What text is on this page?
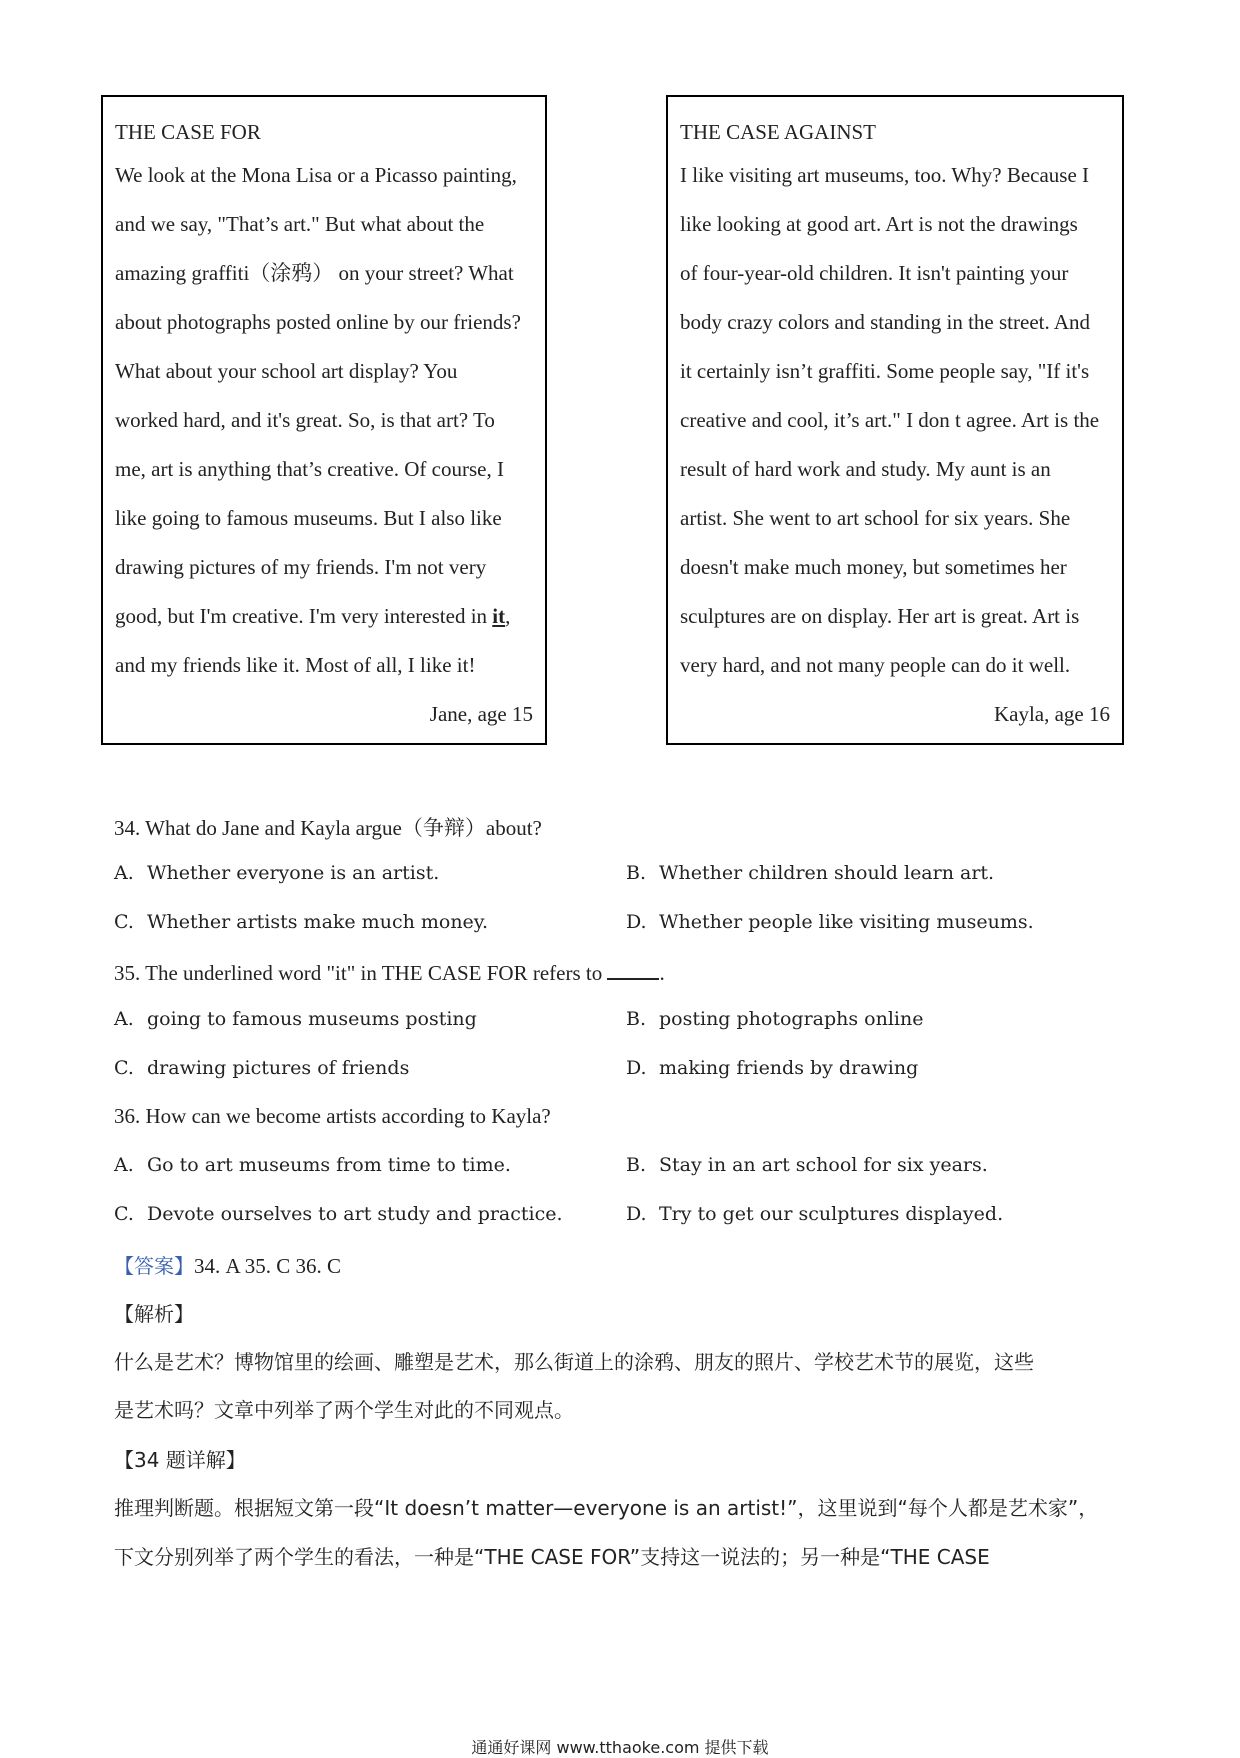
THE CASE FOR
We look at the Mona Lisa or a Picasso painting,
and we say, "That’s art." But what about the
amazing graffiti（涂鸦） on your street? What
about photographs posted online by our friends?
What about your school art display? You
worked hard, and it's great. So, is that art? To
me, art is anything that’s creative. Of course, I
like going to famous museums. But I also like
drawing pictures of my friends. I'm not very
good, but I'm creative. I'm very interested in it,
and my friends like it. Most of all, I like it!
Jane, age 15
THE CASE AGAINST
I like visiting art museums, too. Why? Because I
like looking at good art. Art is not the drawings
of four-year-old children. It isn't painting your
body crazy colors and standing in the street. And
it certainly isn’t graffiti. Some people say, "If it's
creative and cool, it’s art." I don t agree. Art is the
result of hard work and study. My aunt is an
artist. She went to art school for six years. She
doesn't make much money, but sometimes her
sculptures are on display. Her art is great. Art is
very hard, and not many people can do it well.
Kayla, age 16
34. What do Jane and Kayla argue（争辩）about?
A. Whether everyone is an artist.	B. Whether children should learn art.
C. Whether artists make much money.	D. Whether people like visiting museums.
35. The underlined word "it" in THE CASE FOR refers to .
A. going to famous museums posting	B. posting photographs online
C. drawing pictures of friends	D. making friends by drawing
36. How can we become artists according to Kayla?
A. Go to art museums from time to time.	B. Stay in an art school for six years.
C. Devote ourselves to art study and practice.	D. Try to get our sculptures displayed.
【答案】34. A 35. C 36. C
【解析】
什么是艺术？博物馆里的绘画、雕塑是艺术，那么街道上的涂鸦、朋友的照片、学校艺术节的展览，这些
是艺术吗？文章中列举了两个学生对此的不同观点。
【34 题详解】
推理判断题。根据短文第一段“It doesn’t matter—everyone is an artist!”，这里说到“每个人都是艺术家”，
下文分别列举了两个学生的看法，一种是“THE CASE FOR”支持这一说法的；另一种是“THE CASE
通通好课网 www.tthaoke.com 提供下载
